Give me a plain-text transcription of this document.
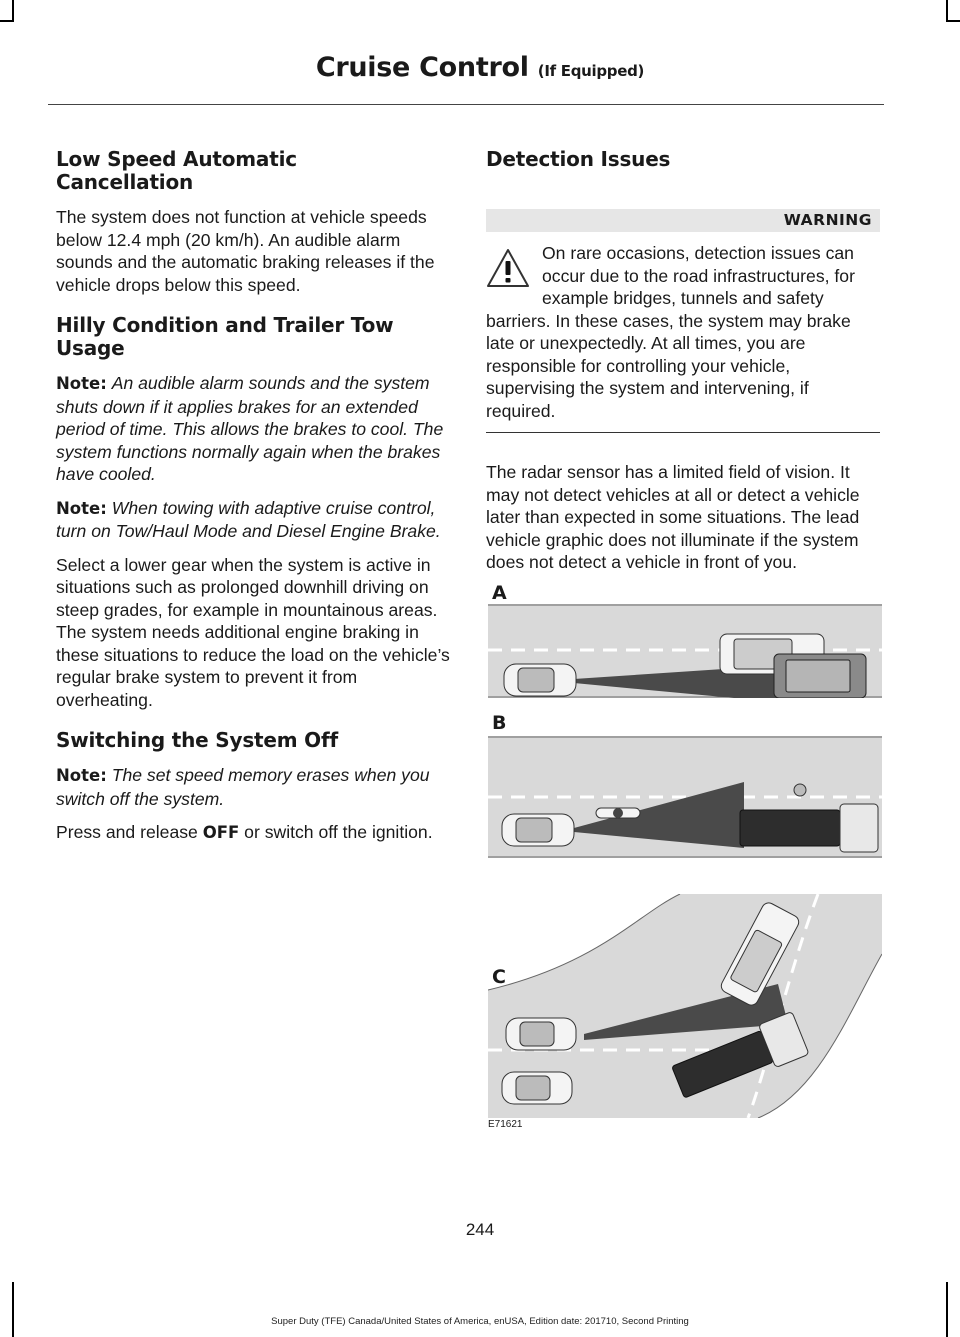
Cruise Control (If Equipped)
Low Speed Automatic Cancellation

The system does not function at vehicle speeds below 12.4 mph (20 km/h). An audible alarm sounds and the automatic braking releases if the vehicle drops below this speed.

Hilly Condition and Trailer Tow Usage

Note: An audible alarm sounds and the system shuts down if it applies brakes for an extended period of time. This allows the brakes to cool. The system functions normally again when the brakes have cooled.

Note: When towing with adaptive cruise control, turn on Tow/Haul Mode and Diesel Engine Brake.

Select a lower gear when the system is active in situations such as prolonged downhill driving on steep grades, for example in mountainous areas. The system needs additional engine braking in these situations to reduce the load on the vehicle’s regular brake system to prevent it from overheating.

Switching the System Off

Note: The set speed memory erases when you switch off the system.

Press and release OFF or switch off the ignition.

Detection Issues
WARNING
On rare occasions, detection issues can occur due to the road infrastructures, for example bridges, tunnels and safety barriers. In these cases, the system may brake late or unexpectedly. At all times, you are responsible for controlling your vehicle, supervising the system and intervening, if required.

The radar sensor has a limited field of vision. It may not detect vehicles at all or detect a vehicle later than expected in some situations. The lead vehicle graphic does not illuminate if the system does not detect a vehicle in front of you.

A
B
C
E71621
244
Super Duty (TFE) Canada/United States of America, enUSA, Edition date: 201710, Second Printing
